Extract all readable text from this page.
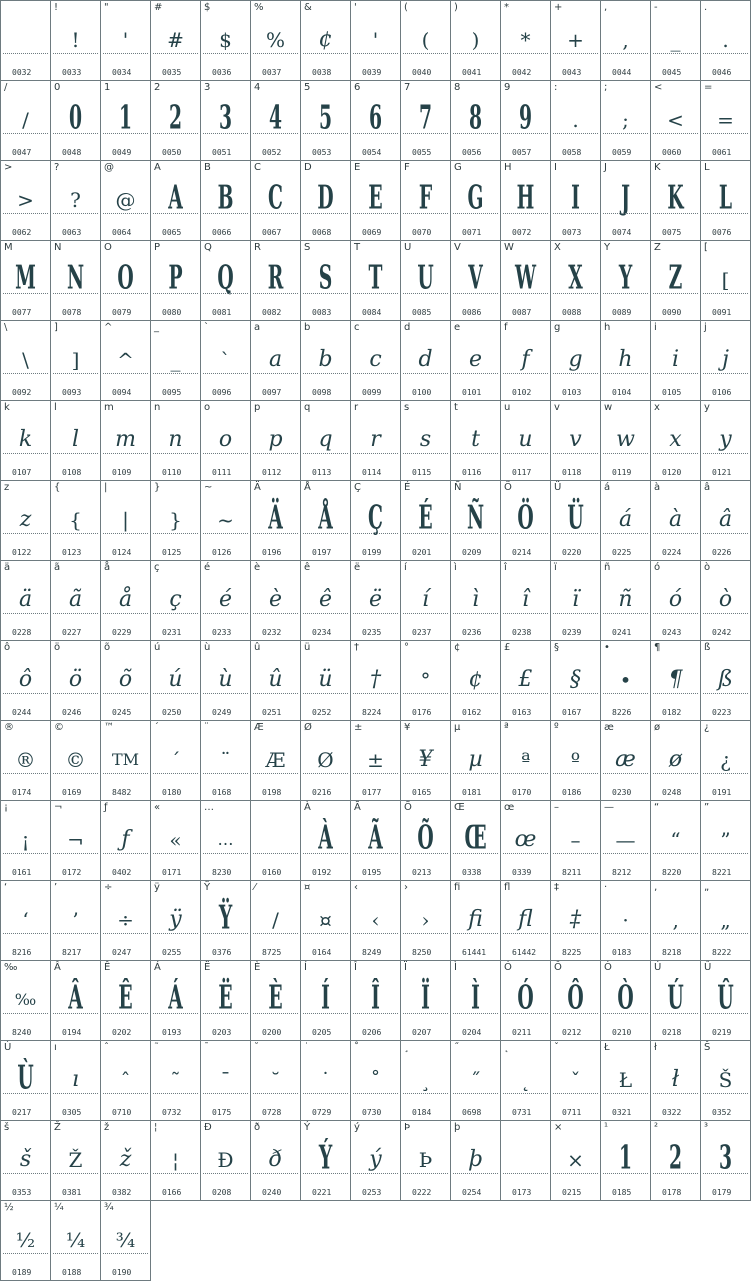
0032
!
!
0033
"
'
0034
#
#
0035
$
$
0036
%
%
0037
&
¢
0038
'
'
0039
(
(
0040
)
)
0041
*
*
0042
+
+
0043
,
,
0044
-
_
0045
.
.
0046
/
/
0047
0
0
0048
1
1
0049
2
2
0050
3
3
0051
4
4
0052
5
5
0053
6
6
0054
7
7
0055
8
8
0056
9
9
0057
:
.
0058
;
;
0059
<
<
0060
=
=
0061
>
>
0062
?
?
0063
@
@
0064
A
A
0065
B
B
0066
C
C
0067
D
D
0068
E
E
0069
F
F
0070
G
G
0071
H
H
0072
I
I
0073
J
J
0074
K
K
0075
L
L
0076
M
M
0077
N
N
0078
O
O
0079
P
P
0080
Q
Q
0081
R
R
0082
S
S
0083
T
T
0084
U
U
0085
V
V
0086
W
W
0087
X
X
0088
Y
Y
0089
Z
Z
0090
[
[
0091
\
\
0092
]
]
0093
^
^
0094
_
_
0095
`
`
0096
a
a
0097
b
b
0098
c
c
0099
d
d
0100
e
e
0101
f
f
0102
g
g
0103
h
h
0104
i
i
0105
j
j
0106
k
k
0107
l
l
0108
m
m
0109
n
n
0110
o
o
0111
p
p
0112
q
q
0113
r
r
0114
s
s
0115
t
t
0116
u
u
0117
v
v
0118
w
w
0119
x
x
0120
y
y
0121
z
z
0122
{
{
0123
|
|
0124
}
}
0125
~
~
0126
Ä
Ä
0196
Å
Å
0197
Ç
Ç
0199
É
É
0201
Ñ
Ñ
0209
Ö
Ö
0214
Ü
Ü
0220
á
á
0225
à
à
0224
â
â
0226
ä
ä
0228
ã
ã
0227
å
å
0229
ç
ç
0231
é
é
0233
è
è
0232
ê
ê
0234
ë
ë
0235
í
í
0237
ì
ì
0236
î
î
0238
ï
ï
0239
ñ
ñ
0241
ó
ó
0243
ò
ò
0242
ô
ô
0244
ö
ö
0246
õ
õ
0245
ú
ú
0250
ù
ù
0249
û
û
0251
ü
ü
0252
†
†
8224
°
°
0176
¢
¢
0162
£
£
0163
§
§
0167
•
•
8226
¶
¶
0182
ß
ß
0223
®
®
0174
©
©
0169
™
TM
8482
´
´
0180
¨
¨
0168
Æ
Æ
0198
Ø
Ø
0216
±
±
0177
¥
¥
0165
µ
µ
0181
ª
ª
0170
º
º
0186
æ
æ
0230
ø
ø
0248
¿
¿
0191
¡
¡
0161
¬
¬
0172
ƒ
ƒ
0402
«
«
0171
…
…
8230	0160
À
À
0192
Ã
Ã
0195
Õ
Õ
0213
Œ
Œ
0338
œ
œ
0339
–
–
8211
—
—
8212
“
“
8220
”
”
8221
‘
‘
8216
’
’
8217
÷
÷
0247
ÿ
ÿ
0255
Ÿ
Ÿ
0376
⁄
/
8725
¤
¤
0164
‹
‹
8249
›
›
8250
fi
fi
61441
fl
fl
61442
‡
‡
8225
·
·
0183
‚
‚
8218
„
„
8222
‰
‰
8240
Â
Â
0194
Ê
Ê
0202
Á
Á
0193
Ë
Ë
0203
È
È
0200
Í
Í
0205
Î
Î
0206
Ï
Ï
0207
Ì
Ì
0204
Ó
Ó
0211
Ô
Ô
0212
Ò
Ò
0210
Ú
Ú
0218
Û
Û
0219
Ù
Ù
0217
ı
ı
0305
ˆ
ˆ
0710
˜
˜
0732
¯
¯
0175
˘
˘
0728
˙
˙
0729
˚
˚
0730
¸
¸
0184
˝
˝
0698
˛
˛
0731
ˇ
ˇ
0711
Ł
Ł
0321
ł
ł
0322
Š
Š
0352
š
š
0353
Ž
Ž
0381
ž
ž
0382
¦
¦
0166
Ð
Ð
0208
ð
ð
0240
Ý
Ý
0221
ý
ý
0253
Þ
Þ
0222
þ
þ
0254	0173
×
×
0215
¹
1
0185
²
2
0178
³
3
0179
½
½
0189
¼
¼
0188
¾
¾
0190
